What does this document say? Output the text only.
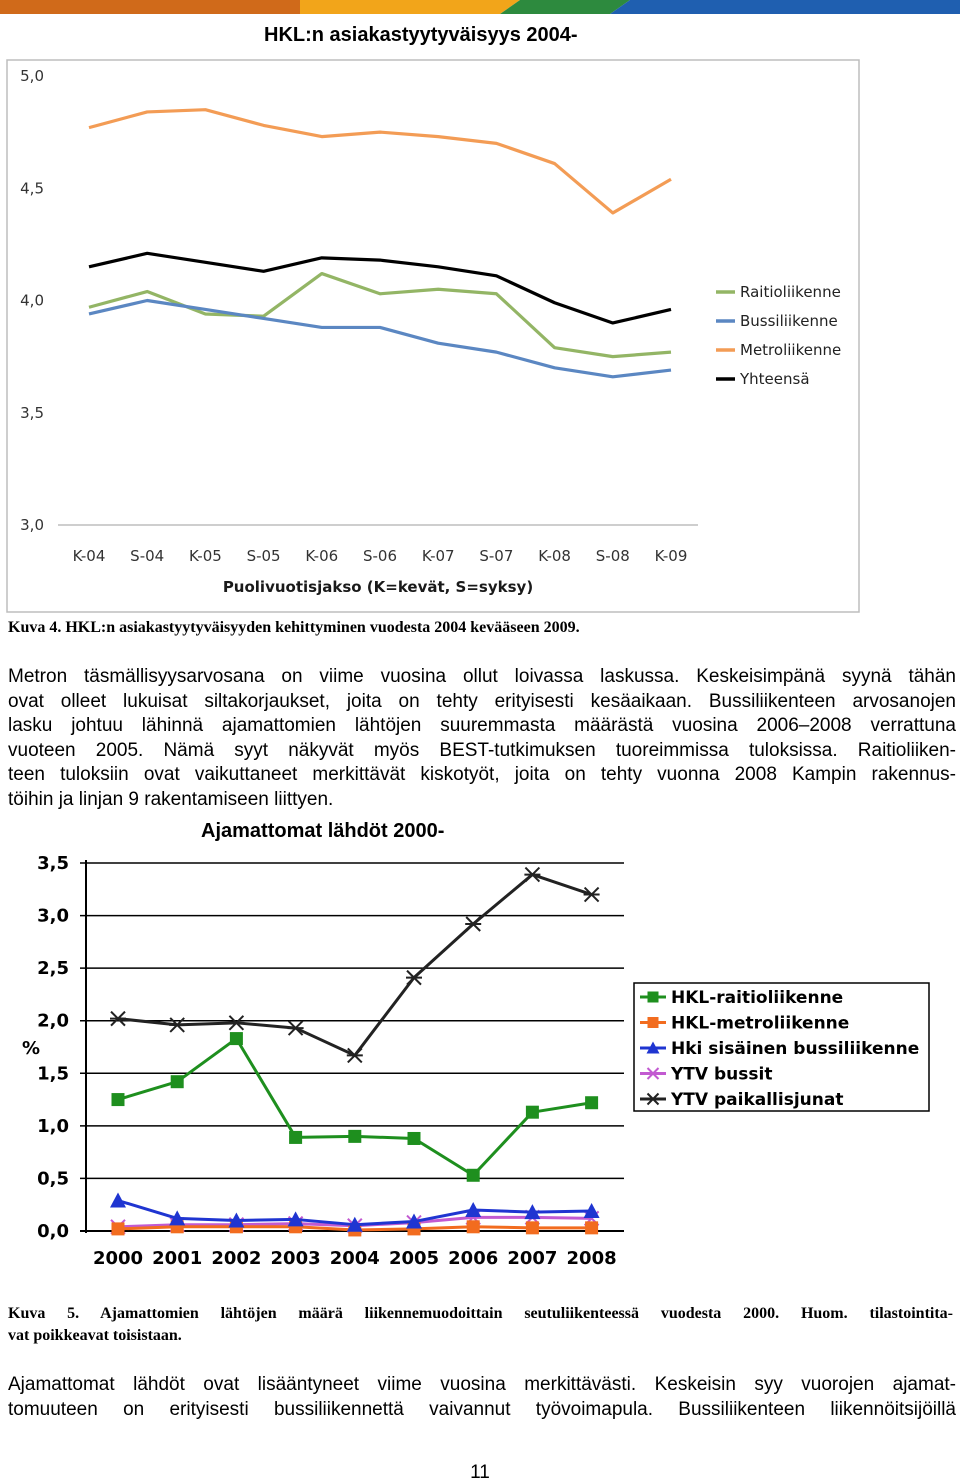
HKL:n asiakastyytyväisyys 2004-
3,0
3,5
4,0
4,5
5,0
K-04 S-04 K-05 S-05 K-06 S-06 K-07 S-07 K-08 S-08 K-09
Puolivuotisjakso (K=kevät, S=syksy)
Raitioliikenne
Bussiliikenne
Metroliikenne
Yhteensä
Kuva 4. HKL:n asiakastyytyväisyyden kehittyminen vuodesta 2004 kevääseen 2009.
Metron täsmällisyysarvosana on viime vuosina ollut loivassa laskussa. Keskeisimpänä syynä tähän
ovat olleet lukuisat siltakorjaukset, joita on tehty erityisesti kesäaikaan. Bussiliikenteen arvosanojen
lasku johtuu lähinnä ajamattomien lähtöjen suuremmasta määrästä vuosina 2006–2008 verrattuna
vuoteen 2005. Nämä syyt näkyvät myös BEST-tutkimuksen tuoreimmissa tuloksissa. Raitioliiken-
teen tuloksiin ovat vaikuttaneet merkittävät kiskotyöt, joita on tehty vuonna 2008 Kampin rakennus-
töihin ja linjan 9 rakentamiseen liittyen.
Ajamattomat lähdöt 2000-
0,0
0,5
1,0
1,5
2,0
2,5
3,0
3,5
2000 2001 2002 2003 2004 2005 2006 2007 2008
%
HKL-raitioliikenne
HKL-metroliikenne
Hki sisäinen bussiliikenne
YTV bussit
YTV paikallisjunat
Kuva 5. Ajamattomien lähtöjen määrä liikennemuodoittain seutuliikenteessä vuodesta 2000. Huom. tilastointita-
vat poikkeavat toisistaan.
Ajamattomat lähdöt ovat lisääntyneet viime vuosina merkittävästi. Keskeisin syy vuorojen ajamat-
tomuuteen on erityisesti bussiliikennettä vaivannut työvoimapula. Bussiliikenteen liikennöitsijöillä
11
